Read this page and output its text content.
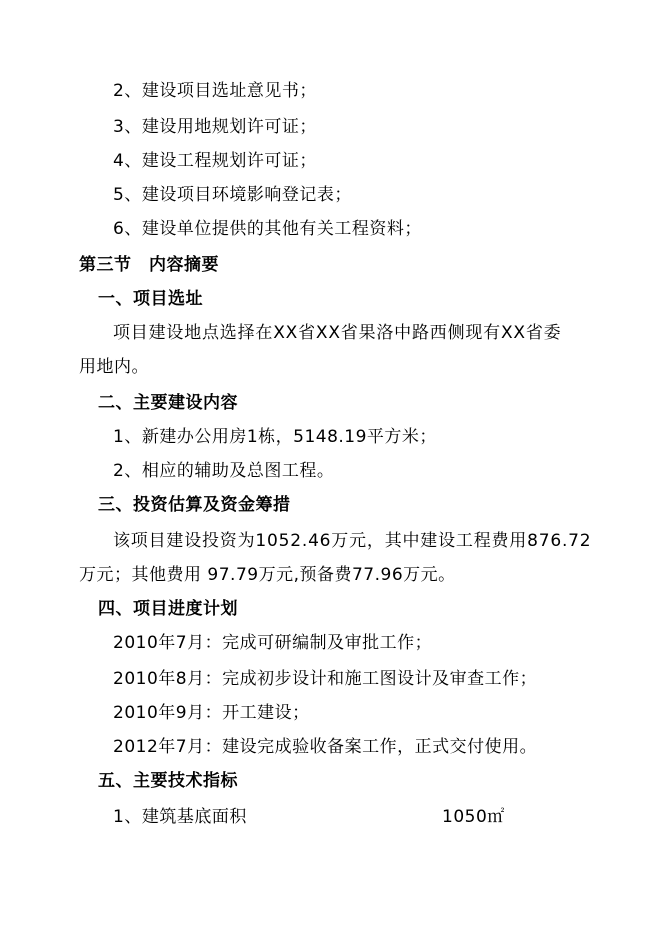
2、建设项目选址意见书；
3、建设用地规划许可证；
4、建设工程规划许可证；
5、建设项目环境影响登记表；
6、建设单位提供的其他有关工程资料；
第三节　内容摘要
一、项目选址
项目建设地点选择在XX省XX省果洛中路西侧现有XX省委
用地内。
二、主要建设内容
1、新建办公用房1栋，5148.19平方米；
2、相应的辅助及总图工程。
三、投资估算及资金筹措
该项目建设投资为1052.46万元，其中建设工程费用876.72
万元；其他费用 97.79万元,预备费77.96万元。
四、项目进度计划
2010年7月：完成可研编制及审批工作；
2010年8月：完成初步设计和施工图设计及审查工作；
2010年9月：开工建设；
2012年7月：建设完成验收备案工作，正式交付使用。
五、主要技术指标
1、建筑基底面积	1050㎡
